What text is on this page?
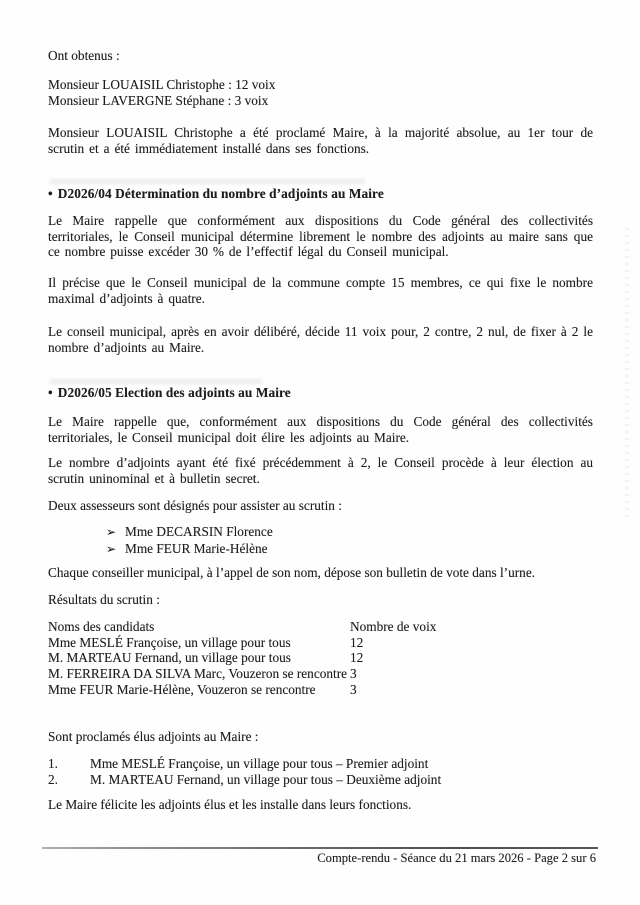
Ont obtenus :
Monsieur LOUAISIL Christophe : 12 voix
Monsieur LAVERGNE Stéphane : 3 voix
Monsieur LOUAISIL Christophe a été proclamé Maire, à la majorité absolue, au 1er tour de scrutin et a été immédiatement installé dans ses fonctions.
• D2026/04 Détermination du nombre d’adjoints au Maire
Le Maire rappelle que conformément aux dispositions du Code général des collectivités territoriales, le Conseil municipal détermine librement le nombre des adjoints au maire sans que ce nombre puisse excéder 30 % de l’effectif légal du Conseil municipal.
Il précise que le Conseil municipal de la commune compte 15 membres, ce qui fixe le nombre maximal d’adjoints à quatre.
Le conseil municipal, après en avoir délibéré, décide 11 voix pour, 2 contre, 2 nul, de fixer à 2 le nombre d’adjoints au Maire.
• D2026/05 Election des adjoints au Maire
Le Maire rappelle que, conformément aux dispositions du Code général des collectivités territoriales, le Conseil municipal doit élire les adjoints au Maire.
Le nombre d’adjoints ayant été fixé précédemment à 2, le Conseil procède à leur élection au scrutin uninominal et à bulletin secret.
Deux assesseurs sont désignés pour assister au scrutin :
➢ Mme DECARSIN Florence
➢ Mme FEUR Marie-Hélène
Chaque conseiller municipal, à l’appel de son nom, dépose son bulletin de vote dans l’urne.
Résultats du scrutin :
Noms des candidats	Nombre de voix
Mme MESLÉ Françoise, un village pour tous	12
M. MARTEAU Fernand, un village pour tous	12
M. FERREIRA DA SILVA Marc, Vouzeron se rencontre 3
Mme FEUR Marie-Hélène, Vouzeron se rencontre	3
Sont proclamés élus adjoints au Maire :
1.	Mme MESLÉ Françoise, un village pour tous – Premier adjoint
2.	M. MARTEAU Fernand, un village pour tous – Deuxième adjoint
Le Maire félicite les adjoints élus et les installe dans leurs fonctions.
Compte-rendu - Séance du 21 mars 2026 - Page 2 sur 6
